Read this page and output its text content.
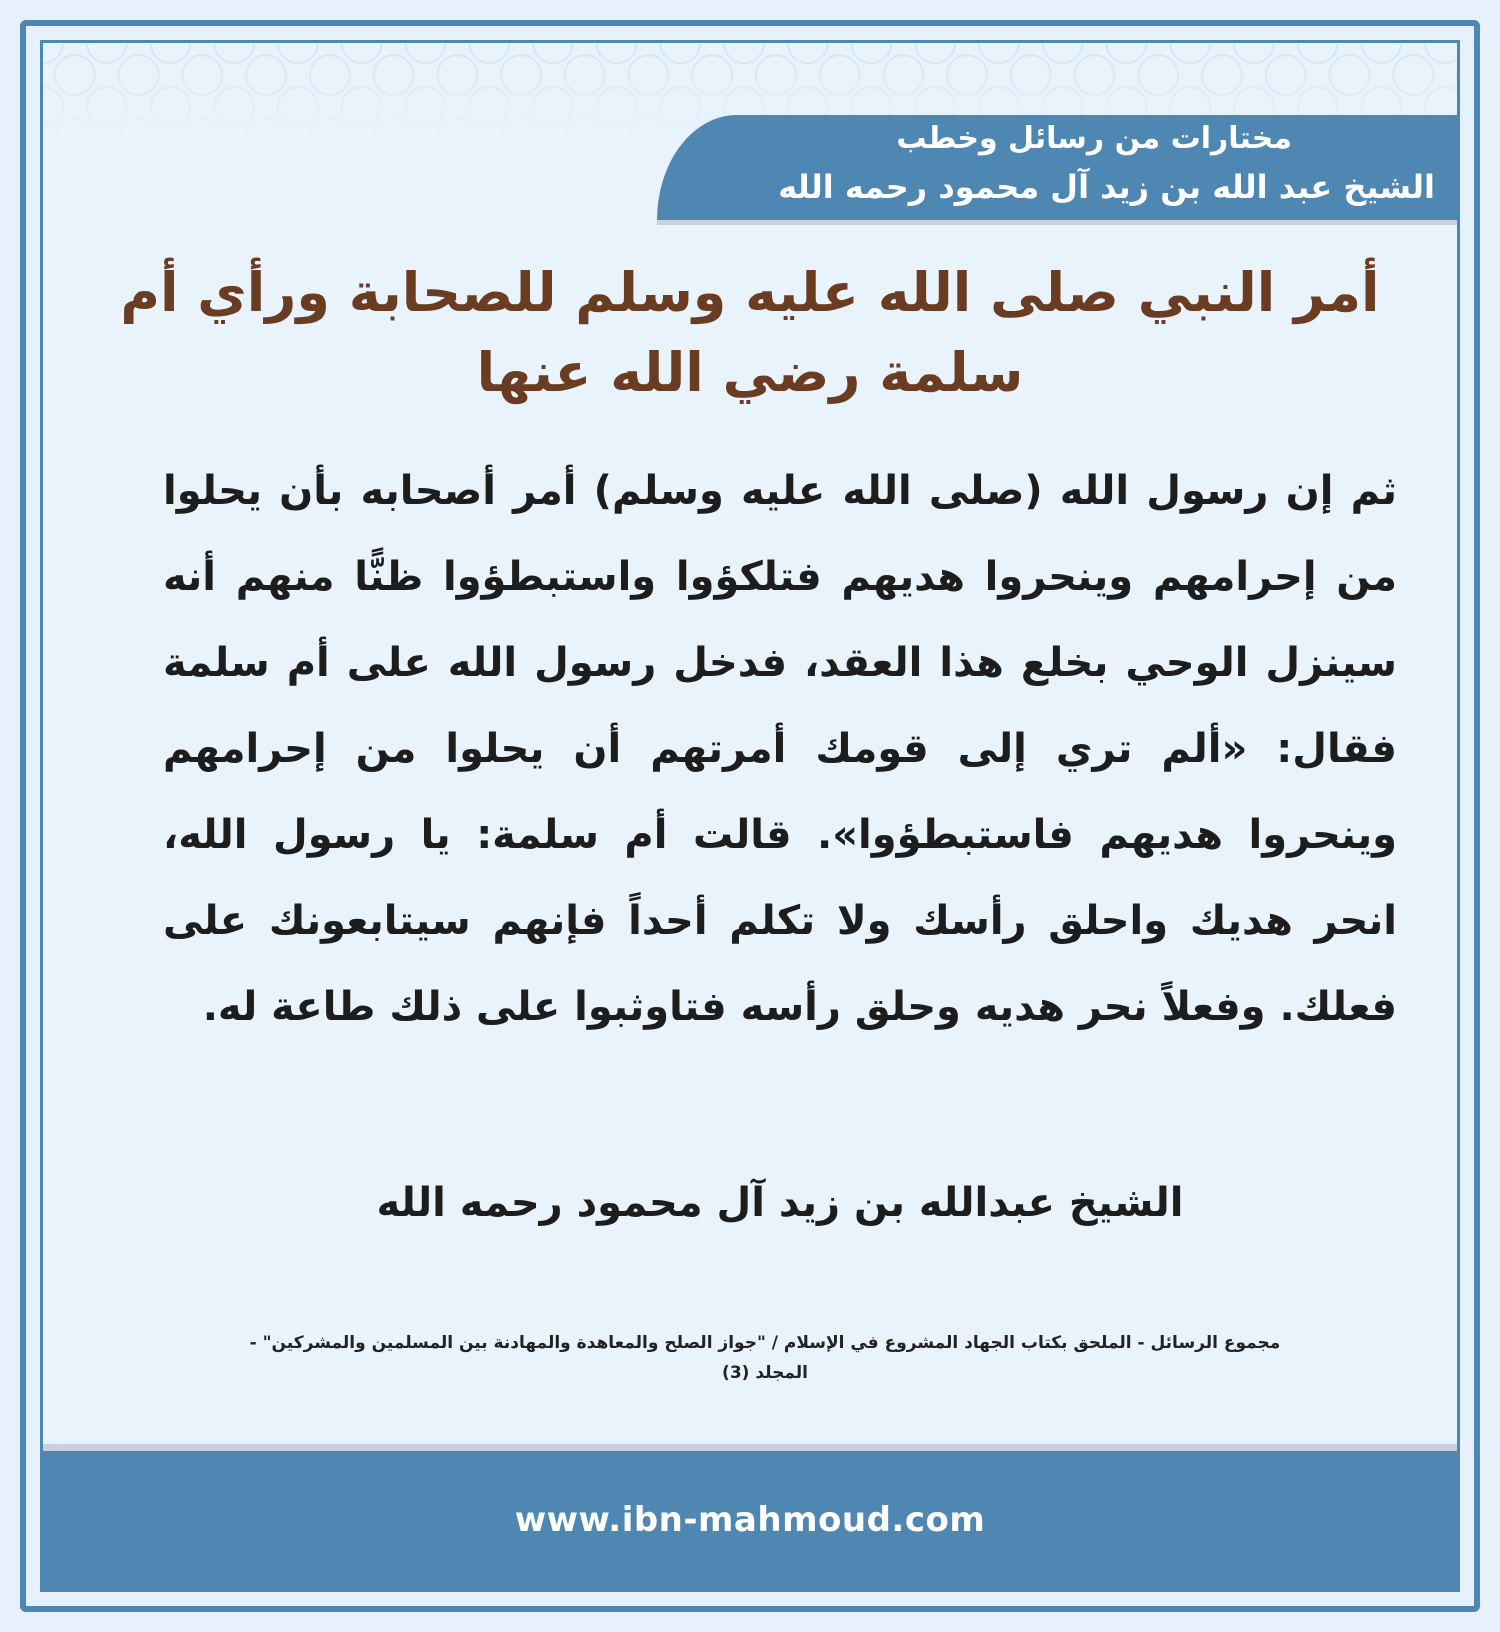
مختارات من رسائل وخطب
الشيخ عبد الله بن زيد آل محمود رحمه الله
أمر النبي صلى الله عليه وسلم للصحابة ورأي أم سلمة رضي الله عنها

ثم إن رسول الله (صلى الله عليه وسلم) أمر أصحابه بأن يحلوا من إحرامهم وينحروا هديهم فتلكؤوا واستبطؤوا ظنًّا منهم أنه سينزل الوحي بخلع هذا العقد، فدخل رسول الله على أم سلمة فقال: «ألم تري إلى قومك أمرتهم أن يحلوا من إحرامهم وينحروا هديهم فاستبطؤوا». قالت أم سلمة: يا رسول الله، انحر هديك واحلق رأسك ولا تكلم أحداً فإنهم سيتابعونك على فعلك. وفعلاً نحر هديه وحلق رأسه فتاوثبوا على ذلك طاعة له.

الشيخ عبدالله بن زيد آل محمود رحمه الله
مجموع الرسائل - الملحق بكتاب الجهاد المشروع في الإسلام / "جواز الصلح والمعاهدة والمهادنة بين المسلمين والمشركين" -
المجلد (3)
www.ibn-mahmoud.com
